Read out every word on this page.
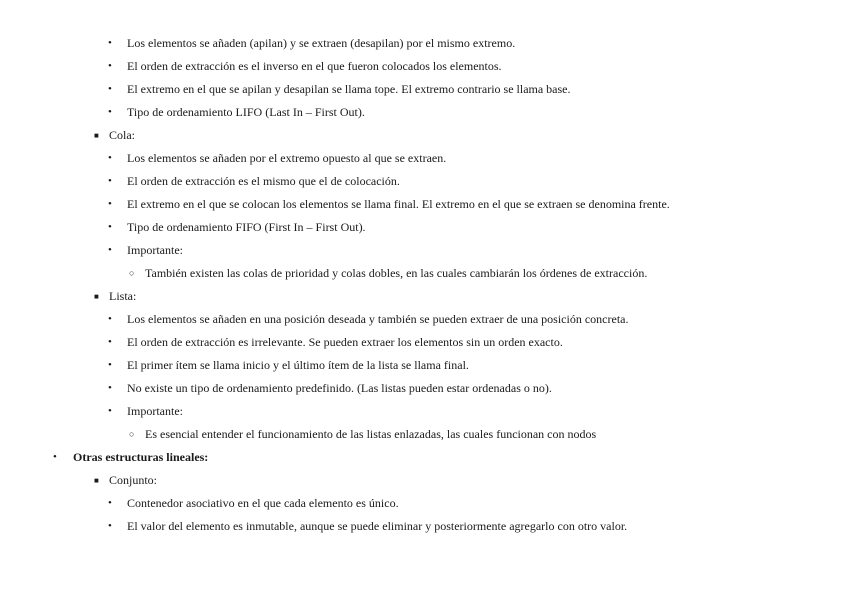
• Los elementos se añaden (apilan) y se extraen (desapilan) por el mismo extremo.
• El orden de extracción es el inverso en el que fueron colocados los elementos.
• El extremo en el que se apilan y desapilan se llama tope. El extremo contrario se llama base.
• Tipo de ordenamiento LIFO (Last In – First Out).
■ Cola:
• Los elementos se añaden por el extremo opuesto al que se extraen.
• El orden de extracción es el mismo que el de colocación.
• El extremo en el que se colocan los elementos se llama final. El extremo en el que se extraen se denomina frente.
• Tipo de ordenamiento FIFO (First In – First Out).
• Importante:
○ También existen las colas de prioridad y colas dobles, en las cuales cambiarán los órdenes de extracción.
■ Lista:
• Los elementos se añaden en una posición deseada y también se pueden extraer de una posición concreta.
• El orden de extracción es irrelevante. Se pueden extraer los elementos sin un orden exacto.
• El primer ítem se llama inicio y el último ítem de la lista se llama final.
• No existe un tipo de ordenamiento predefinido. (Las listas pueden estar ordenadas o no).
• Importante:
○ Es esencial entender el funcionamiento de las listas enlazadas, las cuales funcionan con nodos
• Otras estructuras lineales:
■ Conjunto:
• Contenedor asociativo en el que cada elemento es único.
• El valor del elemento es inmutable, aunque se puede eliminar y posteriormente agregarlo con otro valor.
